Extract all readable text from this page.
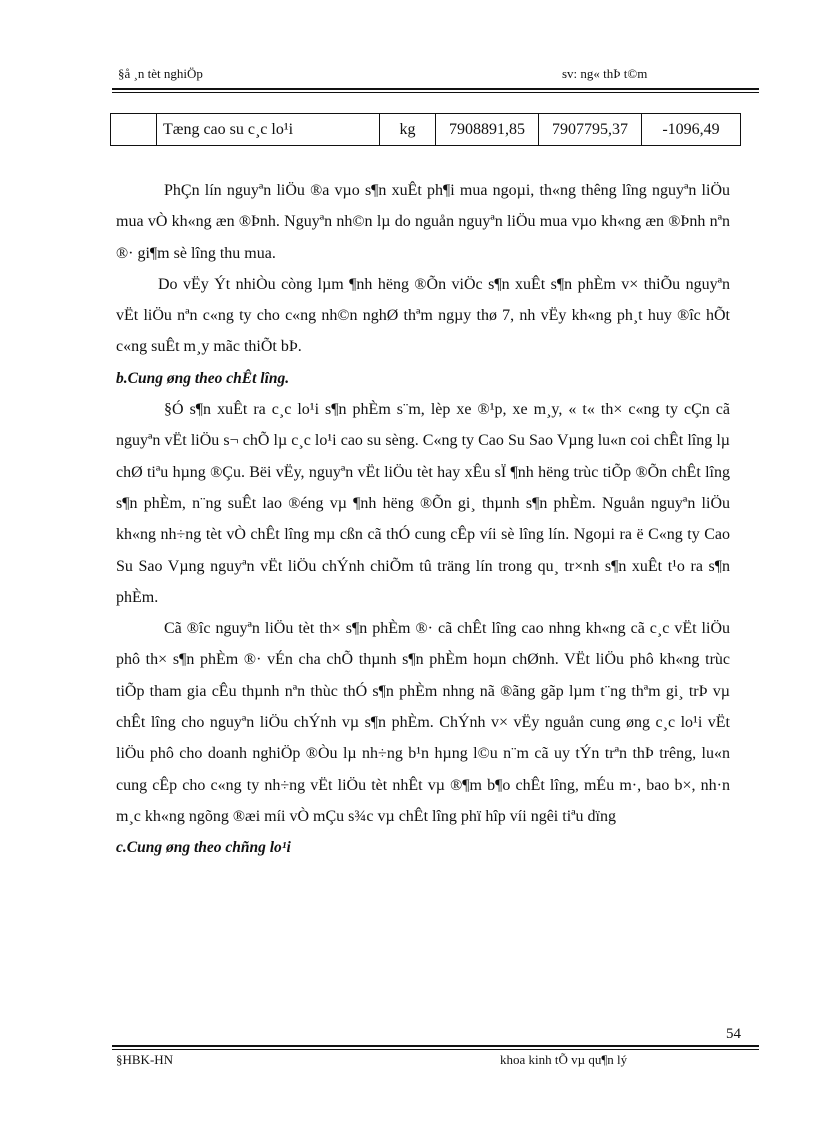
§å ¸n tèt nghiÖp	sv: ng« thÞ t©m
	Tæng cao su c¸c lo¹i	kg	7908891,85	7907795,37	-1096,49

PhÇn lín nguyªn liÖu ®a vµo s¶n xuÊt ph¶i mua ngoµi, th«ng thêng lîng nguyªn liÖu mua vÒ kh«ng æn ®Þnh. Nguyªn nh©n lµ do nguån nguyªn liÖu mua vµo kh«ng æn ®Þnh nªn ®· gi¶m sè lîng thu mua.

Do vËy Ýt nhiÒu còng lµm ¶nh hëng ®Õn viÖc s¶n xuÊt s¶n phÈm v× thiÕu nguyªn vËt liÖu nªn c«ng ty cho c«ng nh©n nghØ thªm ngµy thø 7, nh vËy kh«ng ph¸t huy ®îc hÕt c«ng suÊt m¸y mãc thiÕt bÞ.

b.Cung øng theo chÊt lîng.

§Ó s¶n xuÊt ra c¸c lo¹i s¶n phÈm s¨m, lèp xe ®¹p, xe m¸y, « t« th× c«ng ty cÇn cã nguyªn vËt liÖu s¬ chÕ lµ c¸c lo¹i cao su sèng. C«ng ty Cao Su Sao Vµng lu«n coi chÊt lîng lµ chØ tiªu hµng ®Çu. Bëi vËy, nguyªn vËt liÖu tèt hay xÊu sÏ ¶nh hëng trùc tiÕp ®Õn chÊt lîng s¶n phÈm, n¨ng suÊt lao ®éng vµ ¶nh hëng ®Õn gi¸ thµnh s¶n phÈm. Nguån nguyªn liÖu kh«ng nh÷ng tèt vÒ chÊt lîng mµ cßn cã thÓ cung cÊp víi sè lîng lín. Ngoµi ra ë C«ng ty Cao Su Sao Vµng nguyªn vËt liÖu chÝnh chiÕm tû träng lín trong qu¸ tr×nh s¶n xuÊt t¹o ra s¶n phÈm.

Cã ®îc nguyªn liÖu tèt th× s¶n phÈm ®· cã chÊt lîng cao nhng kh«ng cã c¸c vËt liÖu phô th× s¶n phÈm ®· vÉn cha chÕ thµnh s¶n phÈm hoµn chØnh. VËt liÖu phô kh«ng trùc tiÕp tham gia cÊu thµnh nªn thùc thÓ s¶n phÈm nhng nã ®ãng gãp lµm t¨ng thªm gi¸ trÞ vµ chÊt lîng cho nguyªn liÖu chÝnh vµ s¶n phÈm. ChÝnh v× vËy nguån cung øng c¸c lo¹i vËt liÖu phô cho doanh nghiÖp ®Òu lµ nh÷ng b¹n hµng l©u n¨m cã uy tÝn trªn thÞ trêng, lu«n cung cÊp cho c«ng ty nh÷ng vËt liÖu tèt nhÊt vµ ®¶m b¶o chÊt lîng, mÉu m·, bao b×, nh·n m¸c kh«ng ngõng ®æi míi vÒ mÇu s¾c vµ chÊt lîng phï hîp víi ngêi tiªu dïng

c.Cung øng theo chñng lo¹i

54
§HBK-HN	khoa kinh tÕ vµ qu¶n lý
